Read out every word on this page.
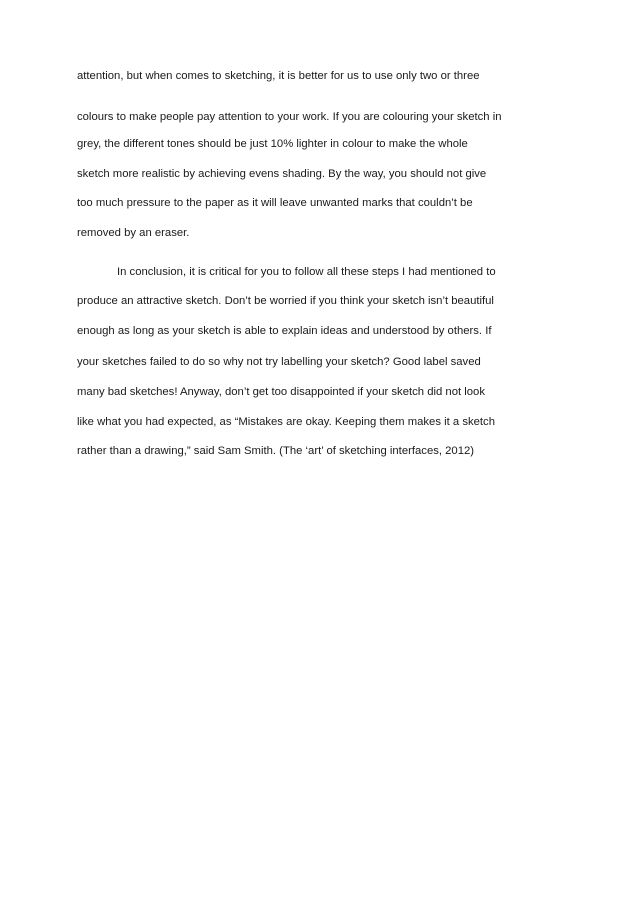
attention, but when comes to sketching, it is better for us to use only two or three
colours to make people pay attention to your work. If you are colouring your sketch in
grey, the different tones should be just 10% lighter in colour to make the whole
sketch more realistic by achieving evens shading. By the way, you should not give
too much pressure to the paper as it will leave unwanted marks that couldn’t be
removed by an eraser.
In conclusion, it is critical for you to follow all these steps I had mentioned to
produce an attractive sketch. Don’t be worried if you think your sketch isn’t beautiful
enough as long as your sketch is able to explain ideas and understood by others. If
your sketches failed to do so why not try labelling your sketch? Good label saved
many bad sketches! Anyway, don’t get too disappointed if your sketch did not look
like what you had expected, as “Mistakes are okay. Keeping them makes it a sketch
rather than a drawing,” said Sam Smith. (The ‘art’ of sketching interfaces, 2012)
